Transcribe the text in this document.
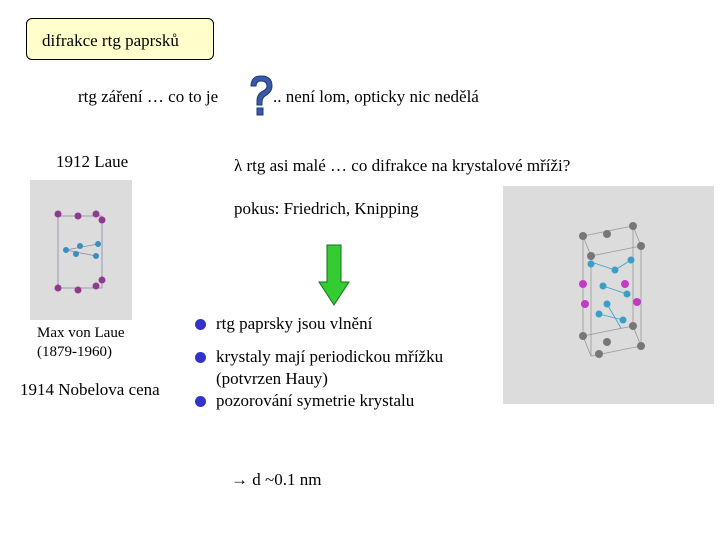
difrakce rtg paprsků
rtg záření … co to je	.. není lom, opticky nic nedělá
1912 Laue	λ rtg asi malé … co difrakce na krystalové mříži?
pokus: Friedrich, Knipping
Max von Laue
(1879-1960)
1914 Nobelova cena
rtg paprsky jsou vlnění
krystaly mají periodickou mřížku
(potvrzen Hauy)
pozorování symetrie krystalu
→ d ~0.1 nm
